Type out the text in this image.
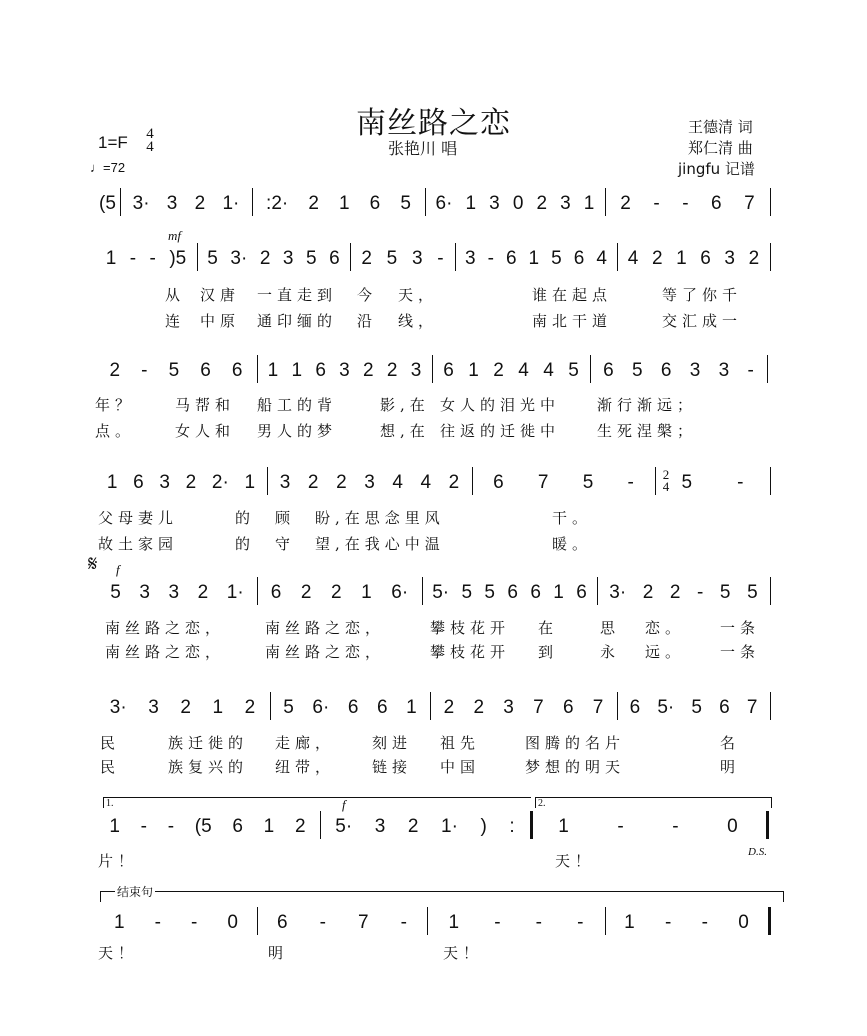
南丝路之恋
张艳川 唱
王德清 词
郑仁清 曲
jingfu 记谱
1=F 4
4
♩=72
mf
𝄋 f
f
2
4
1.	2.
D.S.
结束句
(5 3· 3 2 1· :2· 2 1 6 5 6· 1 3 0 2 3 1 2 - - 6 7
1 - - )5 5 3· 2 3 5 6 2 5 3 - 3 - 6 1 5 6 4 4 2 1 6 3 2
从 汉唐 一直走到 今 天，	谁在起点	等了你千
连 中原 通印缅的 沿 线，	南北干道	交汇成一
2 - 5 6 6 1 1 6 3 2 2 3 6 1 2 4 4 5 6 5 6 3 3 -
年？	马帮和 船工的背	影,在 女人的泪光中 渐行渐远；
点。	女人和 男人的梦	想,在 往返的迁徙中 生死涅槃；
1 6 3 2 2· 1 3 2 2 3 4 4 2 6 7 5 -	5 -
父母妻儿	的 顾 盼,在思念里风	干。
故土家园	的 守 望,在我心中温	暖。
5 3 3 2 1· 6 2 2 1 6· 5· 5 5 6 6 1 6 3· 2 2 - 5 5
南丝路之恋，	南丝路之恋，	攀枝花开 在	思 恋。 一条
南丝路之恋，	南丝路之恋，	攀枝花开 到	永 远。 一条
3· 3 2 1 2 5 6· 6 6 1 2 2 3 7 6 7 6 5· 5 6 7
民	族迁徙的 走廊， 刻进 祖先	图腾的名片	名
民	族复兴的 纽带， 链接 中国	梦想的明天	明
1 - - (5 6 1 2 5· 3 2 1· ) : 1	-	-	0
片！	天！
1 - - 0 6 - 7 - 1 - - - 1 - - 0
天！	明	天！
